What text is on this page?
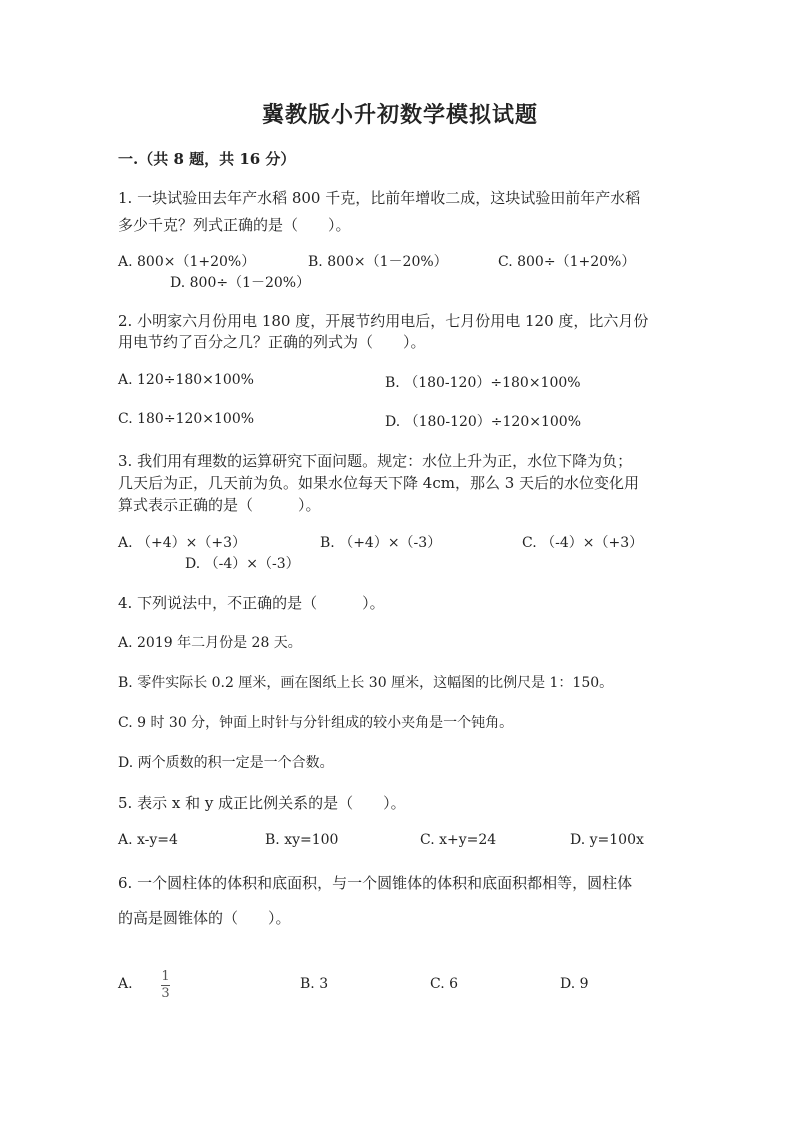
冀教版小升初数学模拟试题
一.（共 8 题，共 16 分）
1. 一块试验田去年产水稻 800 千克，比前年增收二成，这块试验田前年产水稻
多少千克？列式正确的是（　　）。
A. 800×（1+20%）	B. 800×（1－20%）	C. 800÷（1+20%）
D. 800÷（1－20%）
2. 小明家六月份用电 180 度，开展节约用电后，七月份用电 120 度，比六月份
用电节约了百分之几？正确的列式为（　　）。
A. 120÷180×100%	B. （180-120）÷180×100%
C. 180÷120×100%	D. （180-120）÷120×100%
3. 我们用有理数的运算研究下面问题。规定：水位上升为正，水位下降为负；
几天后为正，几天前为负。如果水位每天下降 4cm，那么 3 天后的水位变化用
算式表示正确的是（　　　）。
A. （+4）×（+3）	B. （+4）×（-3）	C. （-4）×（+3）
D. （-4）×（-3）
4. 下列说法中，不正确的是（　　　）。
A. 2019 年二月份是 28 天。
B. 零件实际长 0.2 厘米，画在图纸上长 30 厘米，这幅图的比例尺是 1：150。
C. 9 时 30 分，钟面上时针与分针组成的较小夹角是一个钝角。
D. 两个质数的积一定是一个合数。
5. 表示 x 和 y 成正比例关系的是（　　）。
A. x-y=4	B. xy=100	C. x+y=24	D. y=100x
6. 一个圆柱体的体积和底面积，与一个圆锥体的体积和底面积都相等，圆柱体
的高是圆锥体的（　　）。
A. 1
3
B. 3	C. 6	D. 9
